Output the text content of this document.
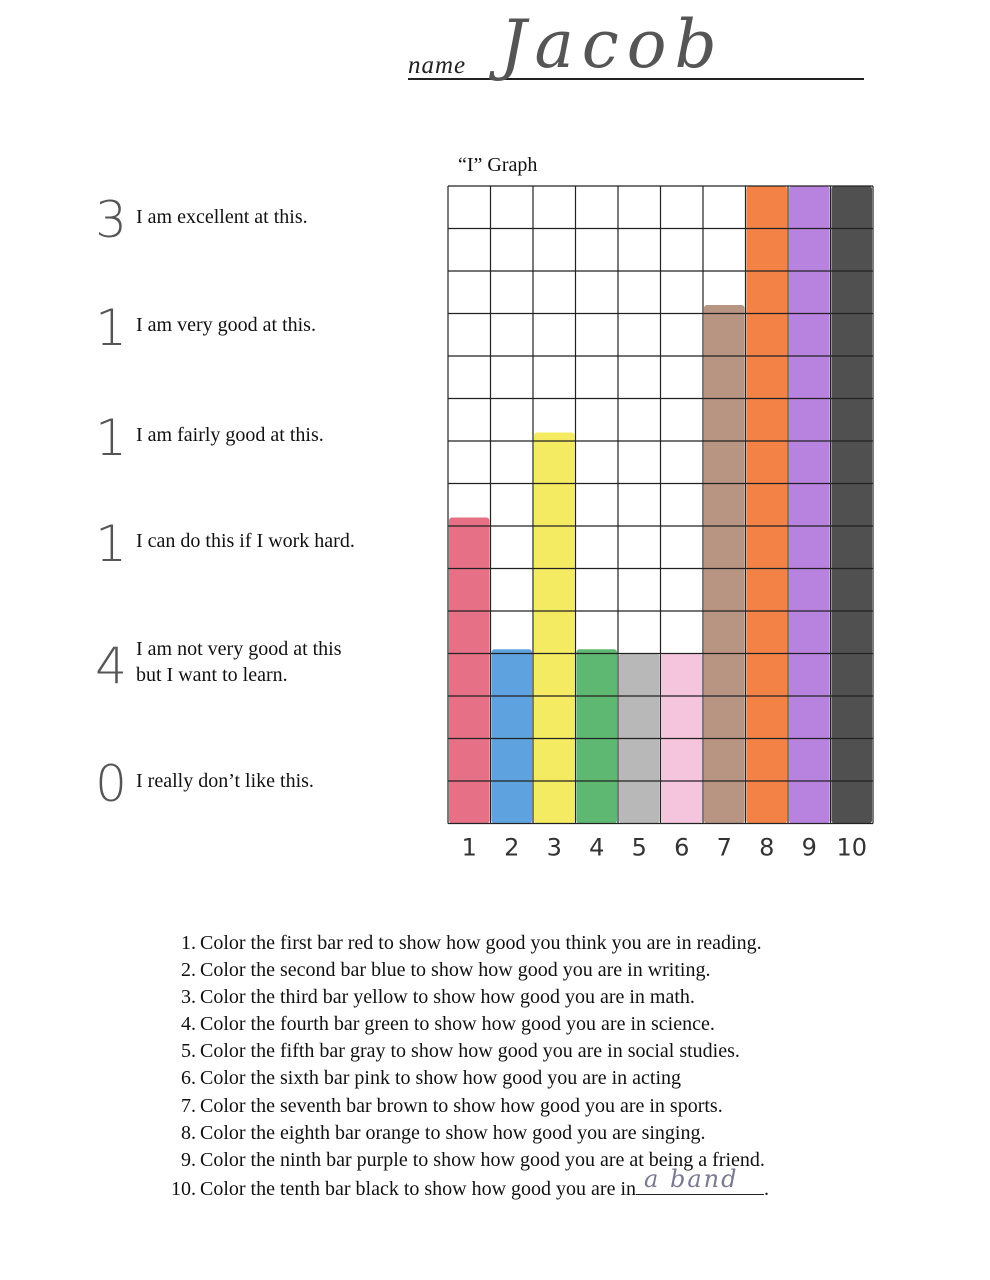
name Jacob
3 I am excellent at this.
1 I am very good at this.
1 I am fairly good at this.
1 I can do this if I work hard.
4 I am not very good at this
but I want to learn.
0 I really don’t like this.
“I” Graph
1 2 3 4 5 6 7 8 9 10
1. Color the first bar red to show how good you think you are in reading.
2. Color the second bar blue to show how good you are in writing.
3. Color the third bar yellow to show how good you are in math.
4. Color the fourth bar green to show how good you are in science.
5. Color the fifth bar gray to show how good you are in social studies.
6. Color the sixth bar pink to show how good you are in acting
7. Color the seventh bar brown to show how good you are in sports.
8. Color the eighth bar orange to show how good you are singing.
9. Color the ninth bar purple to show how good you are at being a friend.
10. Color the tenth bar black to show how good you are in a band .
